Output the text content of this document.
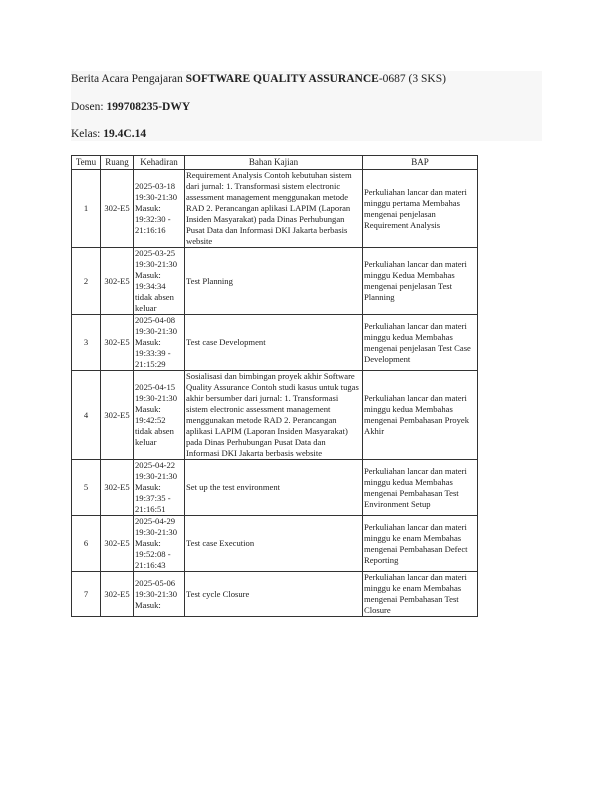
Berita Acara Pengajaran SOFTWARE QUALITY ASSURANCE-0687 (3 SKS)
Dosen: 199708235-DWY
Kelas: 19.4C.14
Temu	Ruang	Kehadiran	Bahan Kajian	BAP
1	302-E5	2025-03-18 19:30-21:30 Masuk: 19:32:30 - 21:16:16	Requirement Analysis Contoh kebutuhan sistem dari jurnal: 1. Transformasi sistem electronic assessment management menggunakan metode RAD 2. Perancangan aplikasi LAPIM (Laporan Insiden Masyarakat) pada Dinas Perhubungan Pusat Data dan Informasi DKI Jakarta berbasis website	Perkuliahan lancar dan materi minggu pertama Membahas mengenai penjelasan Requirement Analysis
2	302-E5	2025-03-25 19:30-21:30 Masuk: 19:34:34 tidak absen keluar	Test Planning	Perkuliahan lancar dan materi minggu Kedua Membahas mengenai penjelasan Test Planning
3	302-E5	2025-04-08 19:30-21:30 Masuk: 19:33:39 - 21:15:29	Test case Development	Perkuliahan lancar dan materi minggu kedua Membahas mengenai penjelasan Test Case Development
4	302-E5	2025-04-15 19:30-21:30 Masuk: 19:42:52 tidak absen keluar	Sosialisasi dan bimbingan proyek akhir Software Quality Assurance Contoh studi kasus untuk tugas akhir bersumber dari jurnal: 1. Transformasi sistem electronic assessment management menggunakan metode RAD 2. Perancangan aplikasi LAPIM (Laporan Insiden Masyarakat) pada Dinas Perhubungan Pusat Data dan Informasi DKI Jakarta berbasis website	Perkuliahan lancar dan materi minggu kedua Membahas mengenai Pembahasan Proyek Akhir
5	302-E5	2025-04-22 19:30-21:30 Masuk: 19:37:35 - 21:16:51	Set up the test environment	Perkuliahan lancar dan materi minggu kedua Membahas mengenai Pembahasan Test Environment Setup
6	302-E5	2025-04-29 19:30-21:30 Masuk: 19:52:08 - 21:16:43	Test case Execution	Perkuliahan lancar dan materi minggu ke enam Membahas mengenai Pembahasan Defect Reporting
7	302-E5	2025-05-06 19:30-21:30 Masuk:	Test cycle Closure	Perkuliahan lancar dan materi minggu ke enam Membahas mengenai Pembahasan Test Closure
